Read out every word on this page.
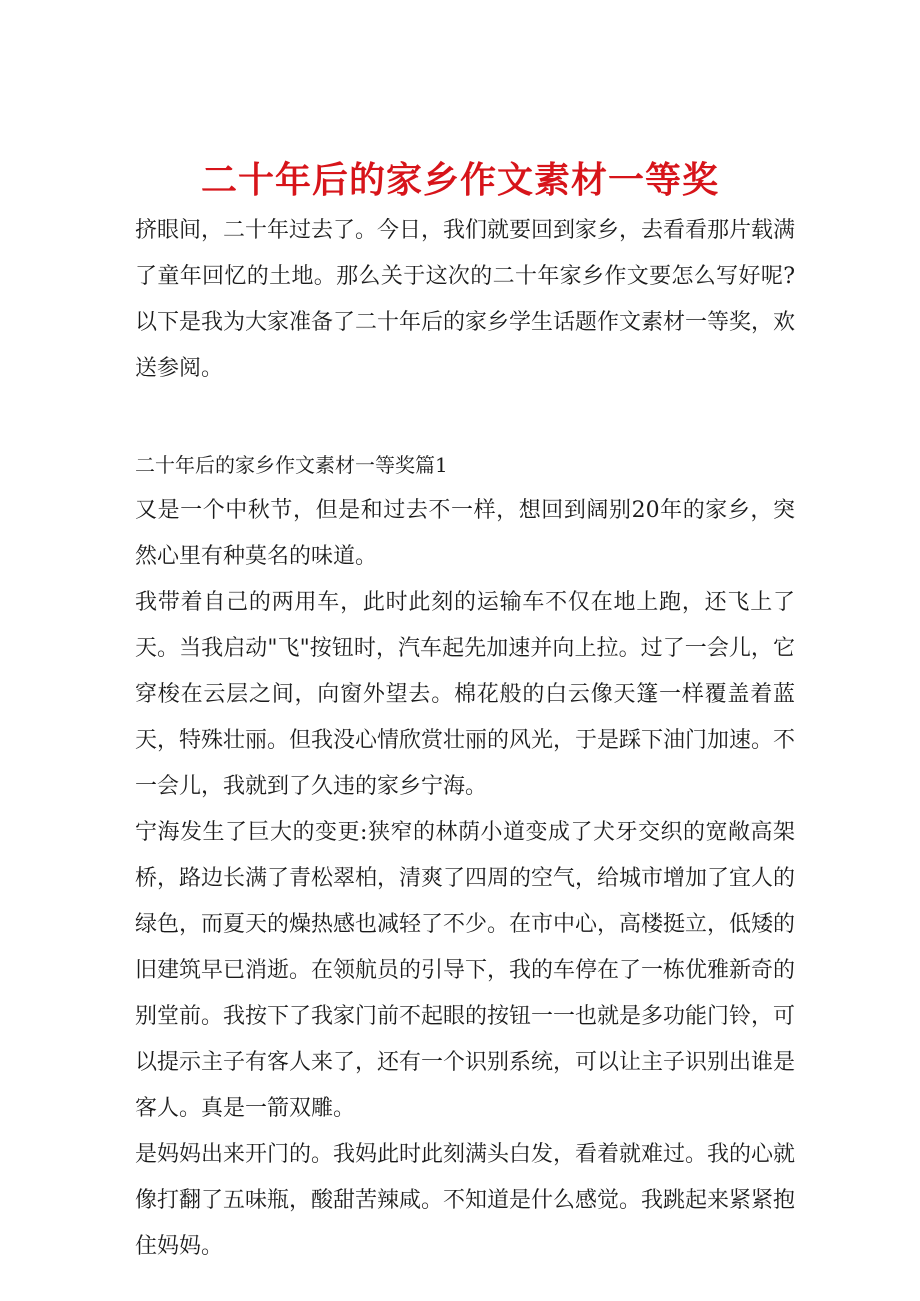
二十年后的家乡作文素材一等奖

挤眼间，二十年过去了。今日，我们就要回到家乡，去看看那片载满了童年回忆的土地。那么关于这次的二十年家乡作文要怎么写好呢?以下是我为大家准备了二十年后的家乡学生话题作文素材一等奖，欢送参阅。

二十年后的家乡作文素材一等奖篇1

又是一个中秋节，但是和过去不一样，想回到阔别20年的家乡，突然心里有种莫名的味道。

我带着自己的两用车，此时此刻的运输车不仅在地上跑，还飞上了天。当我启动"飞"按钮时，汽车起先加速并向上拉。过了一会儿，它穿梭在云层之间，向窗外望去。棉花般的白云像天篷一样覆盖着蓝天，特殊壮丽。但我没心情欣赏壮丽的风光，于是踩下油门加速。不一会儿，我就到了久违的家乡宁海。

宁海发生了巨大的变更:狭窄的林荫小道变成了犬牙交织的宽敞高架桥，路边长满了青松翠柏，清爽了四周的空气，给城市增加了宜人的绿色，而夏天的燥热感也减轻了不少。在市中心，高楼挺立，低矮的旧建筑早已消逝。在领航员的引导下，我的车停在了一栋优雅新奇的别堂前。我按下了我家门前不起眼的按钮一一也就是多功能门铃，可以提示主子有客人来了，还有一个识别系统，可以让主子识别出谁是客人。真是一箭双雕。

是妈妈出来开门的。我妈此时此刻满头白发，看着就难过。我的心就像打翻了五味瓶，酸甜苦辣咸。不知道是什么感觉。我跳起来紧紧抱住妈妈。
